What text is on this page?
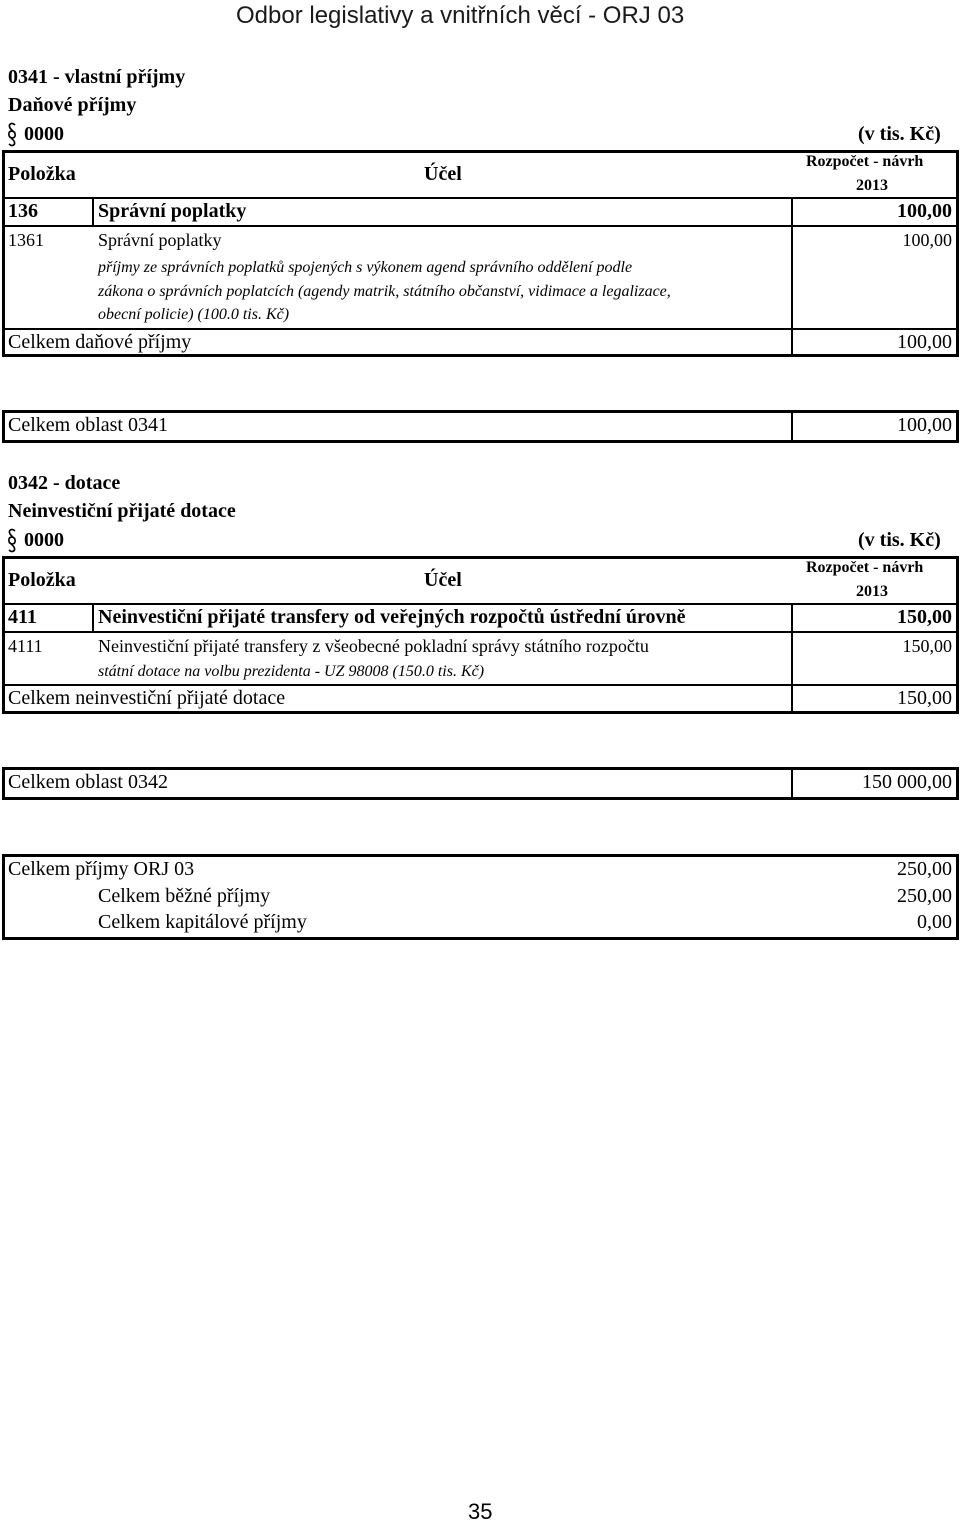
Odbor legislativy a vnitřních věcí - ORJ 03
0341 - vlastní příjmy
Daňové příjmy
0000	(v tis. Kč)
Položka	Účel
Rozpočet - návrh
2013
136	Správní poplatky	100,00
1361	Správní poplatky	100,00
příjmy ze správních poplatků spojených s výkonem agend správního oddělení podle
zákona o správních poplatcích (agendy matrik, státního občanství, vidimace a legalizace,
obecní policie) (100.0 tis. Kč)
Celkem daňové příjmy	100,00
Celkem oblast 0341	100,00
0342 - dotace
Neinvestiční přijaté dotace
0000	(v tis. Kč)
Položka	Účel
Rozpočet - návrh
2013
411	Neinvestiční přijaté transfery od veřejných rozpočtů ústřední úrovně	150,00
4111	Neinvestiční přijaté transfery z všeobecné pokladní správy státního rozpočtu	150,00
státní dotace na volbu prezidenta - UZ 98008 (150.0 tis. Kč)
Celkem neinvestiční přijaté dotace	150,00
Celkem oblast 0342	150 000,00
Celkem příjmy ORJ 03	250,00
Celkem běžné příjmy	250,00
Celkem kapitálové příjmy	0,00
35
